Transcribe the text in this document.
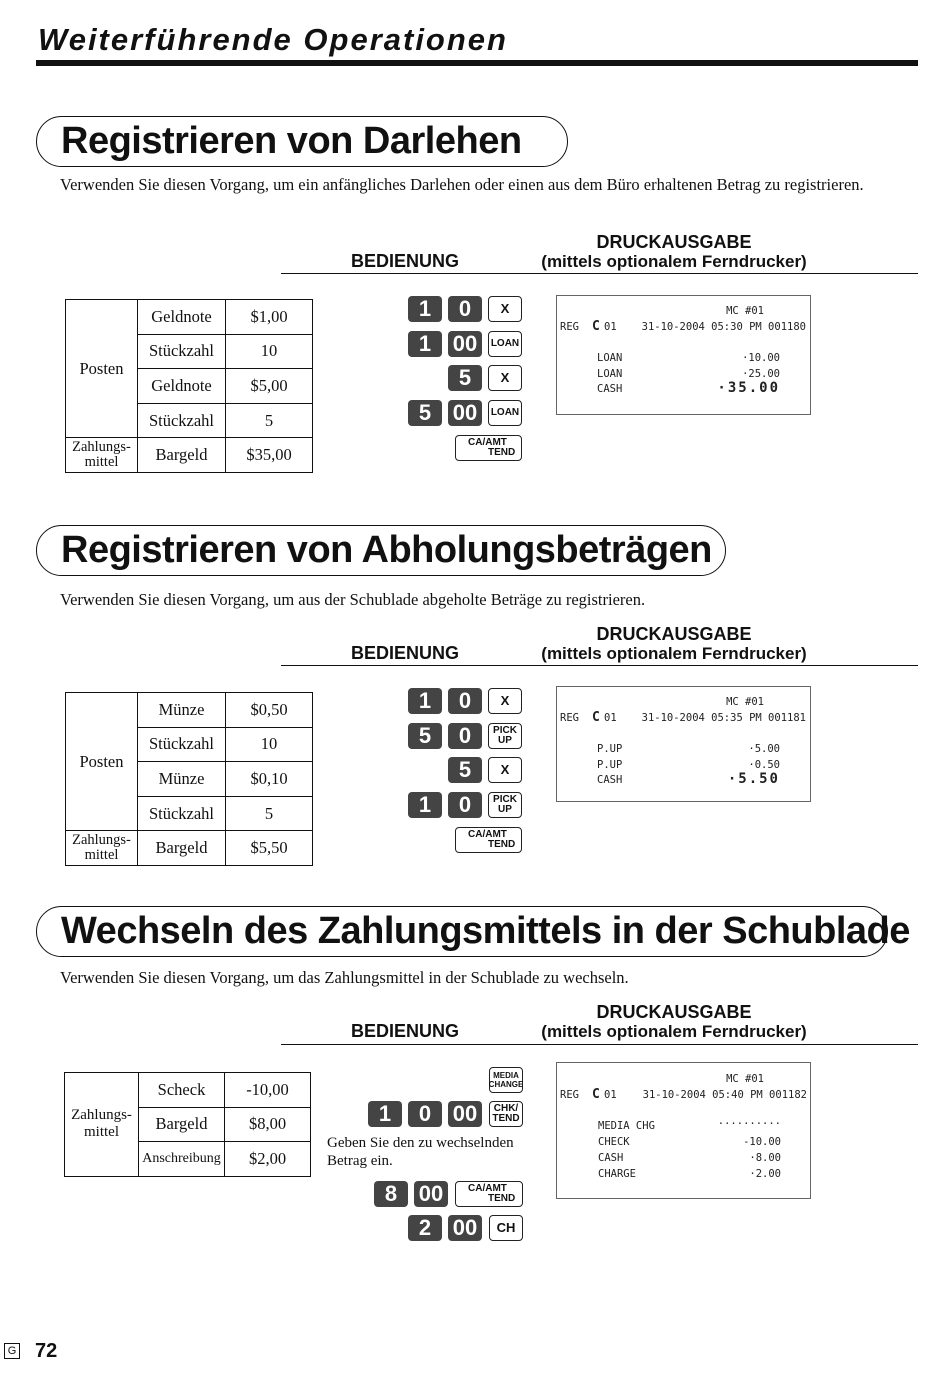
Weiterführende Operationen
Registrieren von Darlehen
Verwenden Sie diesen Vorgang, um ein anfängliches Darlehen oder einen aus dem Büro erhaltenen Betrag zu registrieren.
BEDIENUNG
DRUCKAUSGABE
(mittels optionalem Ferndrucker)
Posten	Geldnote	$1,00
	Stückzahl	10
	Geldnote	$5,00
	Stückzahl	5

Zahlungs-
mittel	Bargeld	$35,00
1	0	X
1 00	LOAN
5	X
5 00	LOAN
CA/AMT
TEND
MC #01
REG C 01 31-10-2004 05:30 PM 001180
LOAN	·10.00
LOAN	·25.00
CASH	·35.00
Registrieren von Abholungsbeträgen
Verwenden Sie diesen Vorgang, um aus der Schublade abgeholte Beträge zu registrieren.
BEDIENUNG
DRUCKAUSGABE
(mittels optionalem Ferndrucker)
Posten	Münze	$0,50
	Stückzahl	10
	Münze	$0,10
	Stückzahl	5

Zahlungs-
mittel	Bargeld	$5,50
1	0	X
5	0	PICK
UP
5	X
1	0	PICK
UP
CA/AMT
TEND
MC #01
REG C 01 31-10-2004 05:35 PM 001181
P.UP	·5.00
P.UP	·0.50
CASH	·5.50
Wechseln des Zahlungsmittels in der Schublade
Verwenden Sie diesen Vorgang, um das Zahlungsmittel in der Schublade zu wechseln.
BEDIENUNG
DRUCKAUSGABE
(mittels optionalem Ferndrucker)
Zahlungs-
mittel	Scheck	-10,00
	Bargeld	$8,00
	Anschreibung	$2,00
MEDIA
CHANGE
1	0 00	CHK/
TEND
Geben Sie den zu wechselnden Betrag ein.
8 00	CA/AMT
TEND
2 00	CH
MC #01
REG C 01 31-10-2004 05:40 PM 001182
MEDIA CHG	··········
CHECK	-10.00
CASH	·8.00
CHARGE	·2.00
G 72
